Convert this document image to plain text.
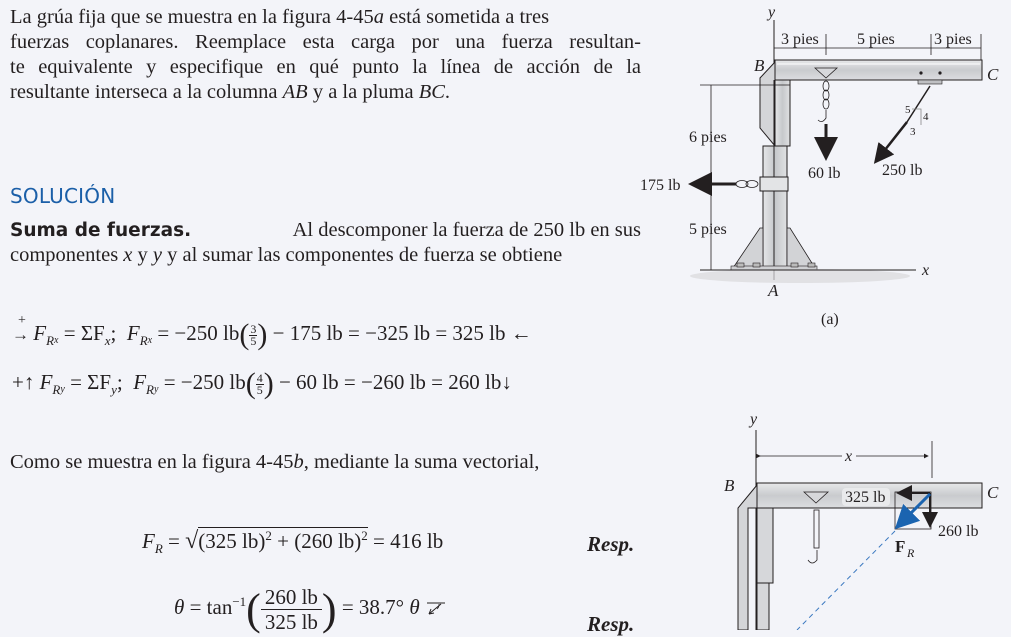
La grúa fija que se muestra en la figura 4-45a está sometida a tres
fuerzas coplanares. Reemplace esta carga por una fuerza resultan-
te equivalente y especifique en qué punto la línea de acción de la
resultante interseca a la columna AB y a la pluma BC.
SOLUCIÓN
Suma de fuerzas.	Al descomponer la fuerza de 250 lb en sus
componentes x y y y al sumar las componentes de fuerza se obtiene
+
→ $F_Rx = \Sigma F_x$;  $F_Rx = -250$ $lb( \frac{3}{5}$ ) − 175 lb = −325 lb = 325 lb ←
+↑ $F_Ry = \Sigma F_y$;  $F_Ry = -250$ $lb( \frac{4}{5}$ ) − 60 lb = −260 lb = 260 lb↓
Como se muestra en la figura 4-45b, mediante la suma vectorial,
$F_R = √(325$ lb)$^2$ + (260 lb)$^2$ = 416 lb	Resp.
$\theta = \tan^{-1}( \frac{260 lb}{325 lb}$ ) = 38.7° θ
Resp.
y
3 pies 5 pies 3 pies
B	C
6 pies
5 pies
175 lb
x
A
60 lb
5
4
3
250 lb
(a)
y
x
B	C
325 lb
260 lb
F R
